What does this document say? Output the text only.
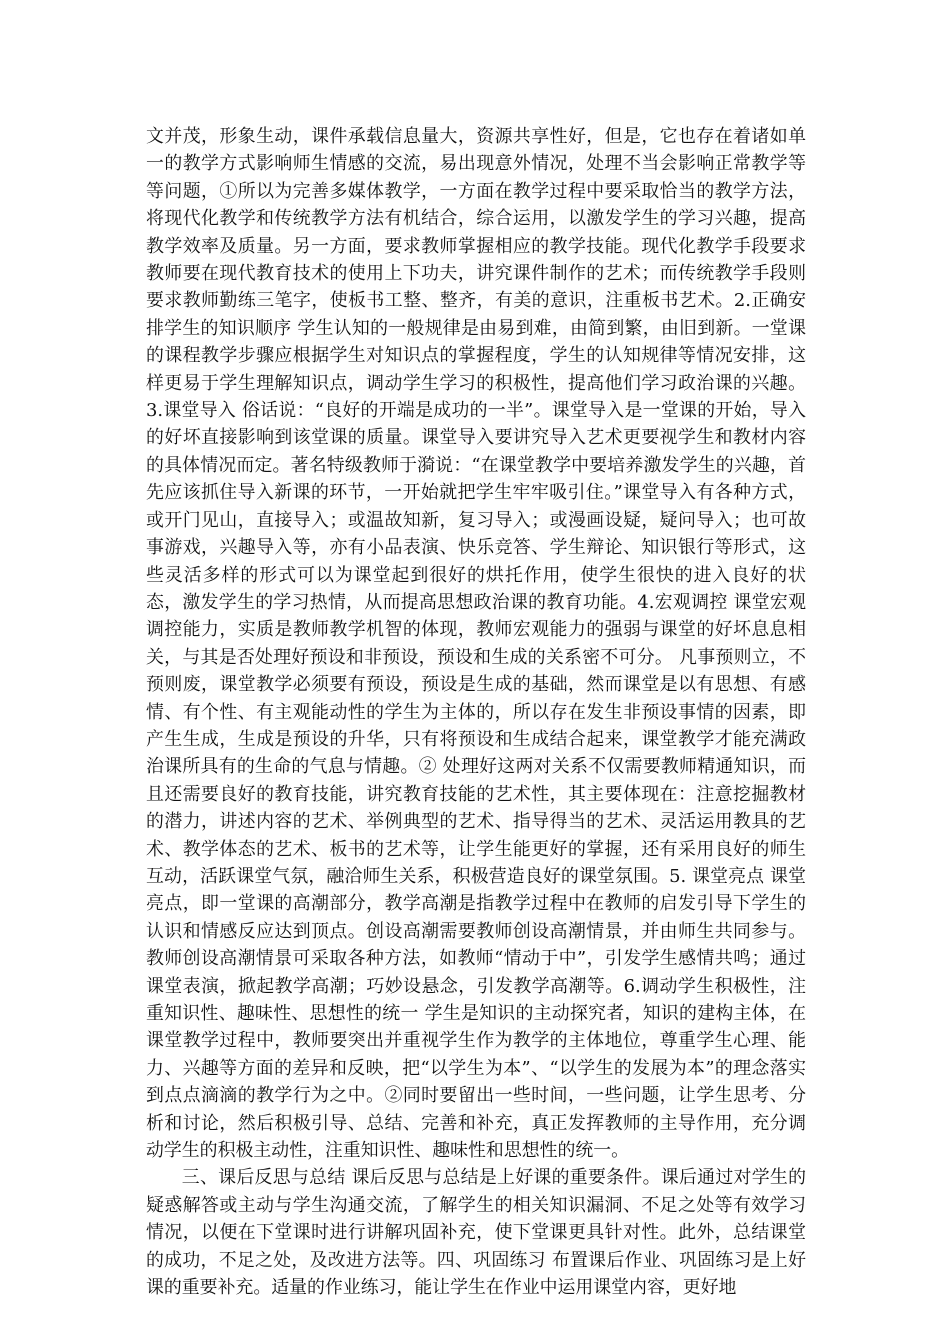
文并茂，形象生动，课件承载信息量大，资源共享性好，但是，它也存在着诸如单一的教学方式影响师生情感的交流，易出现意外情况，处理不当会影响正常教学等等问题，①所以为完善多媒体教学，一方面在教学过程中要采取恰当的教学方法，将现代化教学和传统教学方法有机结合，综合运用，以激发学生的学习兴趣，提高教学效率及质量。另一方面，要求教师掌握相应的教学技能。现代化教学手段要求教师要在现代教育技术的使用上下功夫，讲究课件制作的艺术；而传统教学手段则要求教师勤练三笔字，使板书工整、整齐，有美的意识，注重板书艺术。2.正确安排学生的知识顺序 学生认知的一般规律是由易到难，由简到繁，由旧到新。一堂课的课程教学步骤应根据学生对知识点的掌握程度，学生的认知规律等情况安排，这样更易于学生理解知识点，调动学生学习的积极性，提高他们学习政治课的兴趣。3.课堂导入 俗话说：“良好的开端是成功的一半”。课堂导入是一堂课的开始，导入的好坏直接影响到该堂课的质量。课堂导入要讲究导入艺术更要视学生和教材内容的具体情况而定。著名特级教师于漪说：“在课堂教学中要培养激发学生的兴趣，首先应该抓住导入新课的环节，一开始就把学生牢牢吸引住。”课堂导入有各种方式，或开门见山，直接导入；或温故知新，复习导入；或漫画设疑，疑问导入；也可故事游戏，兴趣导入等，亦有小品表演、快乐竞答、学生辩论、知识银行等形式，这些灵活多样的形式可以为课堂起到很好的烘托作用，使学生很快的进入良好的状态，激发学生的学习热情，从而提高思想政治课的教育功能。4.宏观调控 课堂宏观调控能力，实质是教师教学机智的体现，教师宏观能力的强弱与课堂的好坏息息相关，与其是否处理好预设和非预设，预设和生成的关系密不可分。 凡事预则立，不预则废，课堂教学必须要有预设，预设是生成的基础，然而课堂是以有思想、有感情、有个性、有主观能动性的学生为主体的，所以存在发生非预设事情的因素，即产生生成，生成是预设的升华，只有将预设和生成结合起来，课堂教学才能充满政治课所具有的生命的气息与情趣。② 处理好这两对关系不仅需要教师精通知识，而且还需要良好的教育技能，讲究教育技能的艺术性，其主要体现在：注意挖掘教材的潜力，讲述内容的艺术、举例典型的艺术、指导得当的艺术、灵活运用教具的艺术、教学体态的艺术、板书的艺术等，让学生能更好的掌握，还有采用良好的师生互动，活跃课堂气氛，融洽师生关系，积极营造良好的课堂氛围。5. 课堂亮点 课堂亮点，即一堂课的高潮部分，教学高潮是指教学过程中在教师的启发引导下学生的认识和情感反应达到顶点。创设高潮需要教师创设高潮情景，并由师生共同参与。教师创设高潮情景可采取各种方法，如教师“情动于中”，引发学生感情共鸣；通过课堂表演，掀起教学高潮；巧妙设悬念，引发教学高潮等。6.调动学生积极性，注重知识性、趣味性、思想性的统一 学生是知识的主动探究者，知识的建构主体，在课堂教学过程中，教师要突出并重视学生作为教学的主体地位，尊重学生心理、能力、兴趣等方面的差异和反映，把“以学生为本”、“以学生的发展为本”的理念落实到点点滴滴的教学行为之中。②同时要留出一些时间，一些问题，让学生思考、分析和讨论，然后积极引导、总结、完善和补充，真正发挥教师的主导作用，充分调动学生的积极主动性，注重知识性、趣味性和思想性的统一。

三、课后反思与总结 课后反思与总结是上好课的重要条件。课后通过对学生的疑惑解答或主动与学生沟通交流，了解学生的相关知识漏洞、不足之处等有效学习情况，以便在下堂课时进行讲解巩固补充，使下堂课更具针对性。此外，总结课堂的成功，不足之处，及改进方法等。四、巩固练习 布置课后作业、巩固练习是上好课的重要补充。适量的作业练习，能让学生在作业中运用课堂内容，更好地
